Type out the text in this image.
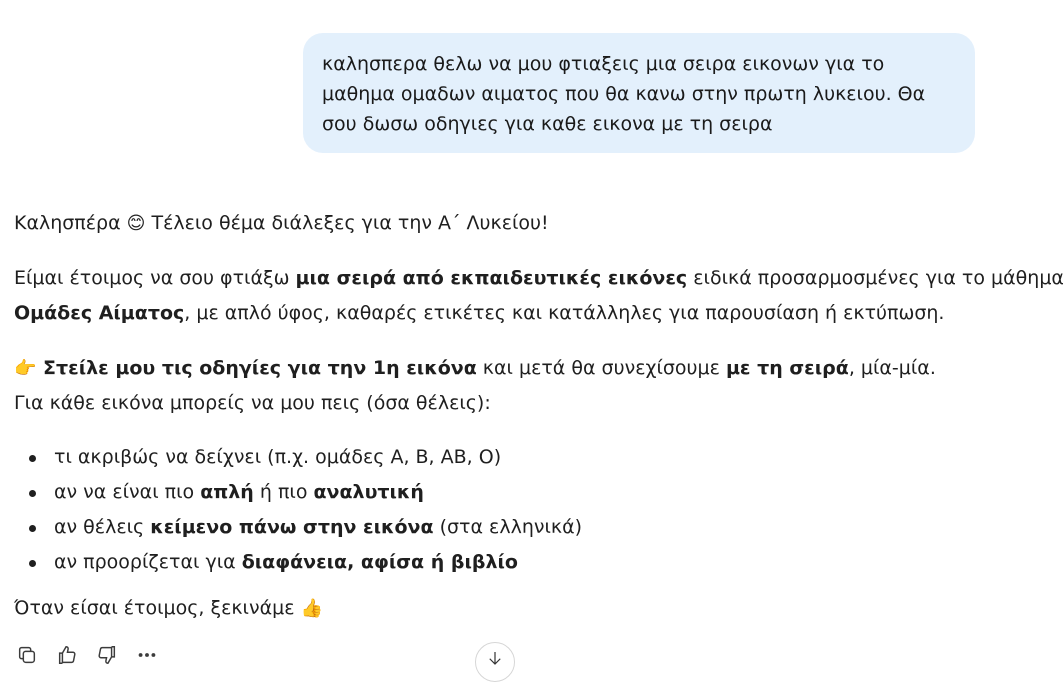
καλησπερα θελω να μου φτιαξεις μια σειρα εικονων για το μαθημα ομαδων αιματος που θα κανω στην πρωτη λυκειου. Θα σου δωσω οδηγιες για καθε εικονα με τη σειρα
Καλησπέρα 😊 Τέλειο θέμα διάλεξες για την Α΄ Λυκείου!
Είμαι έτοιμος να σου φτιάξω μια σειρά από εκπαιδευτικές εικόνες ειδικά προσαρμοσμένες για το μάθημα
Ομάδες Αίματος, με απλό ύφος, καθαρές ετικέτες και κατάλληλες για παρουσίαση ή εκτύπωση.
👉 Στείλε μου τις οδηγίες για την 1η εικόνα και μετά θα συνεχίσουμε με τη σειρά, μία-μία.
Για κάθε εικόνα μπορείς να μου πεις (όσα θέλεις):
τι ακριβώς να δείχνει (π.χ. ομάδες Α, Β, ΑΒ, Ο)
αν να είναι πιο απλή ή πιο αναλυτική
αν θέλεις κείμενο πάνω στην εικόνα (στα ελληνικά)
αν προορίζεται για διαφάνεια, αφίσα ή βιβλίο
Όταν είσαι έτοιμος, ξεκινάμε 👍
